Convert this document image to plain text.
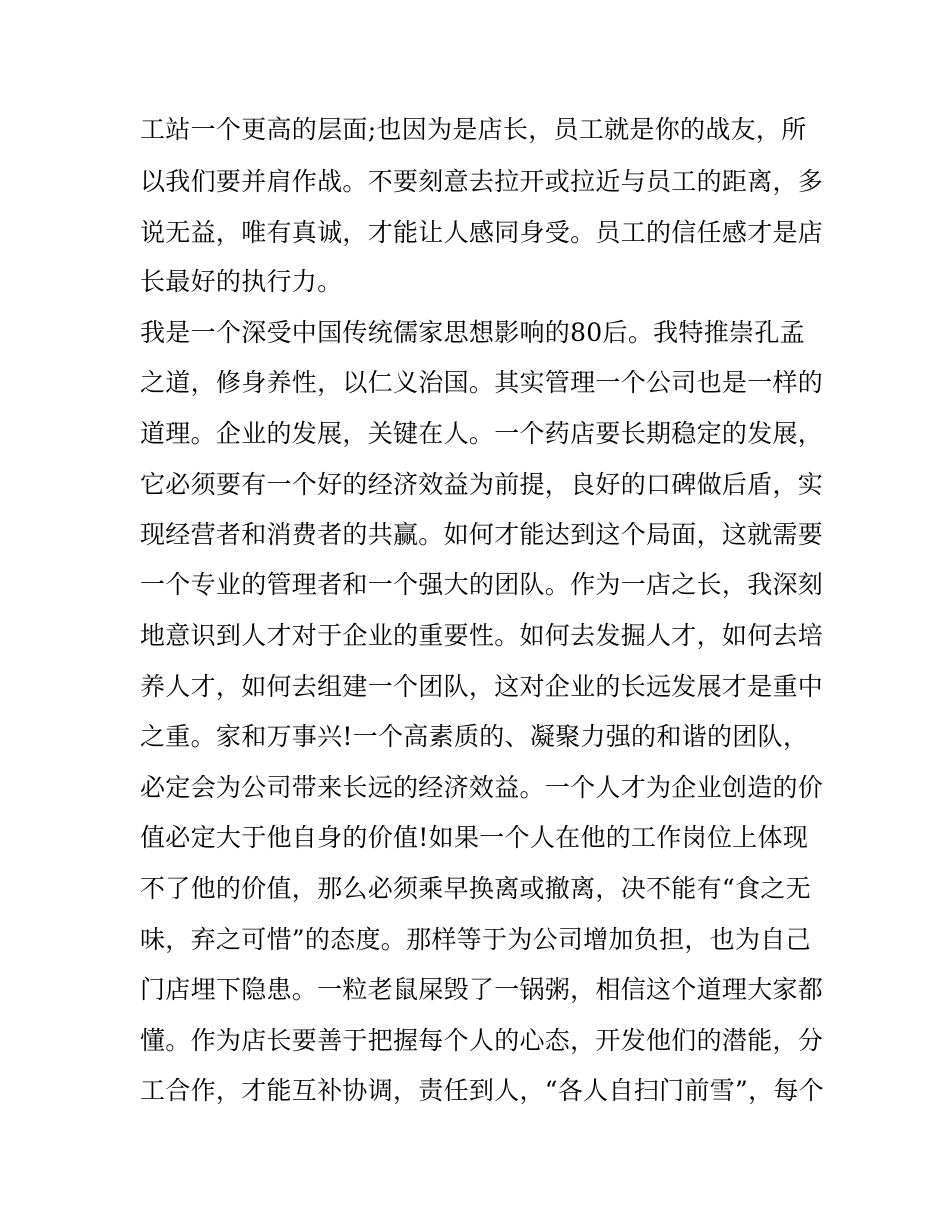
工站一个更高的层面;也因为是店长，员工就是你的战友，所
以我们要并肩作战。不要刻意去拉开或拉近与员工的距离，多
说无益，唯有真诚，才能让人感同身受。员工的信任感才是店
长最好的执行力。
我是一个深受中国传统儒家思想影响的80后。我特推崇孔孟
之道，修身养性，以仁义治国。其实管理一个公司也是一样的
道理。企业的发展，关键在人。一个药店要长期稳定的发展，
它必须要有一个好的经济效益为前提，良好的口碑做后盾，实
现经营者和消费者的共赢。如何才能达到这个局面，这就需要
一个专业的管理者和一个强大的团队。作为一店之长，我深刻
地意识到人才对于企业的重要性。如何去发掘人才，如何去培
养人才，如何去组建一个团队，这对企业的长远发展才是重中
之重。家和万事兴!一个高素质的、凝聚力强的和谐的团队，
必定会为公司带来长远的经济效益。一个人才为企业创造的价
值必定大于他自身的价值!如果一个人在他的工作岗位上体现
不了他的价值，那么必须乘早换离或撤离，决不能有“食之无
味，弃之可惜”的态度。那样等于为公司增加负担，也为自己
门店埋下隐患。一粒老鼠屎毁了一锅粥，相信这个道理大家都
懂。作为店长要善于把握每个人的心态，开发他们的潜能，分
工合作，才能互补协调，责任到人，“各人自扫门前雪”，每个
